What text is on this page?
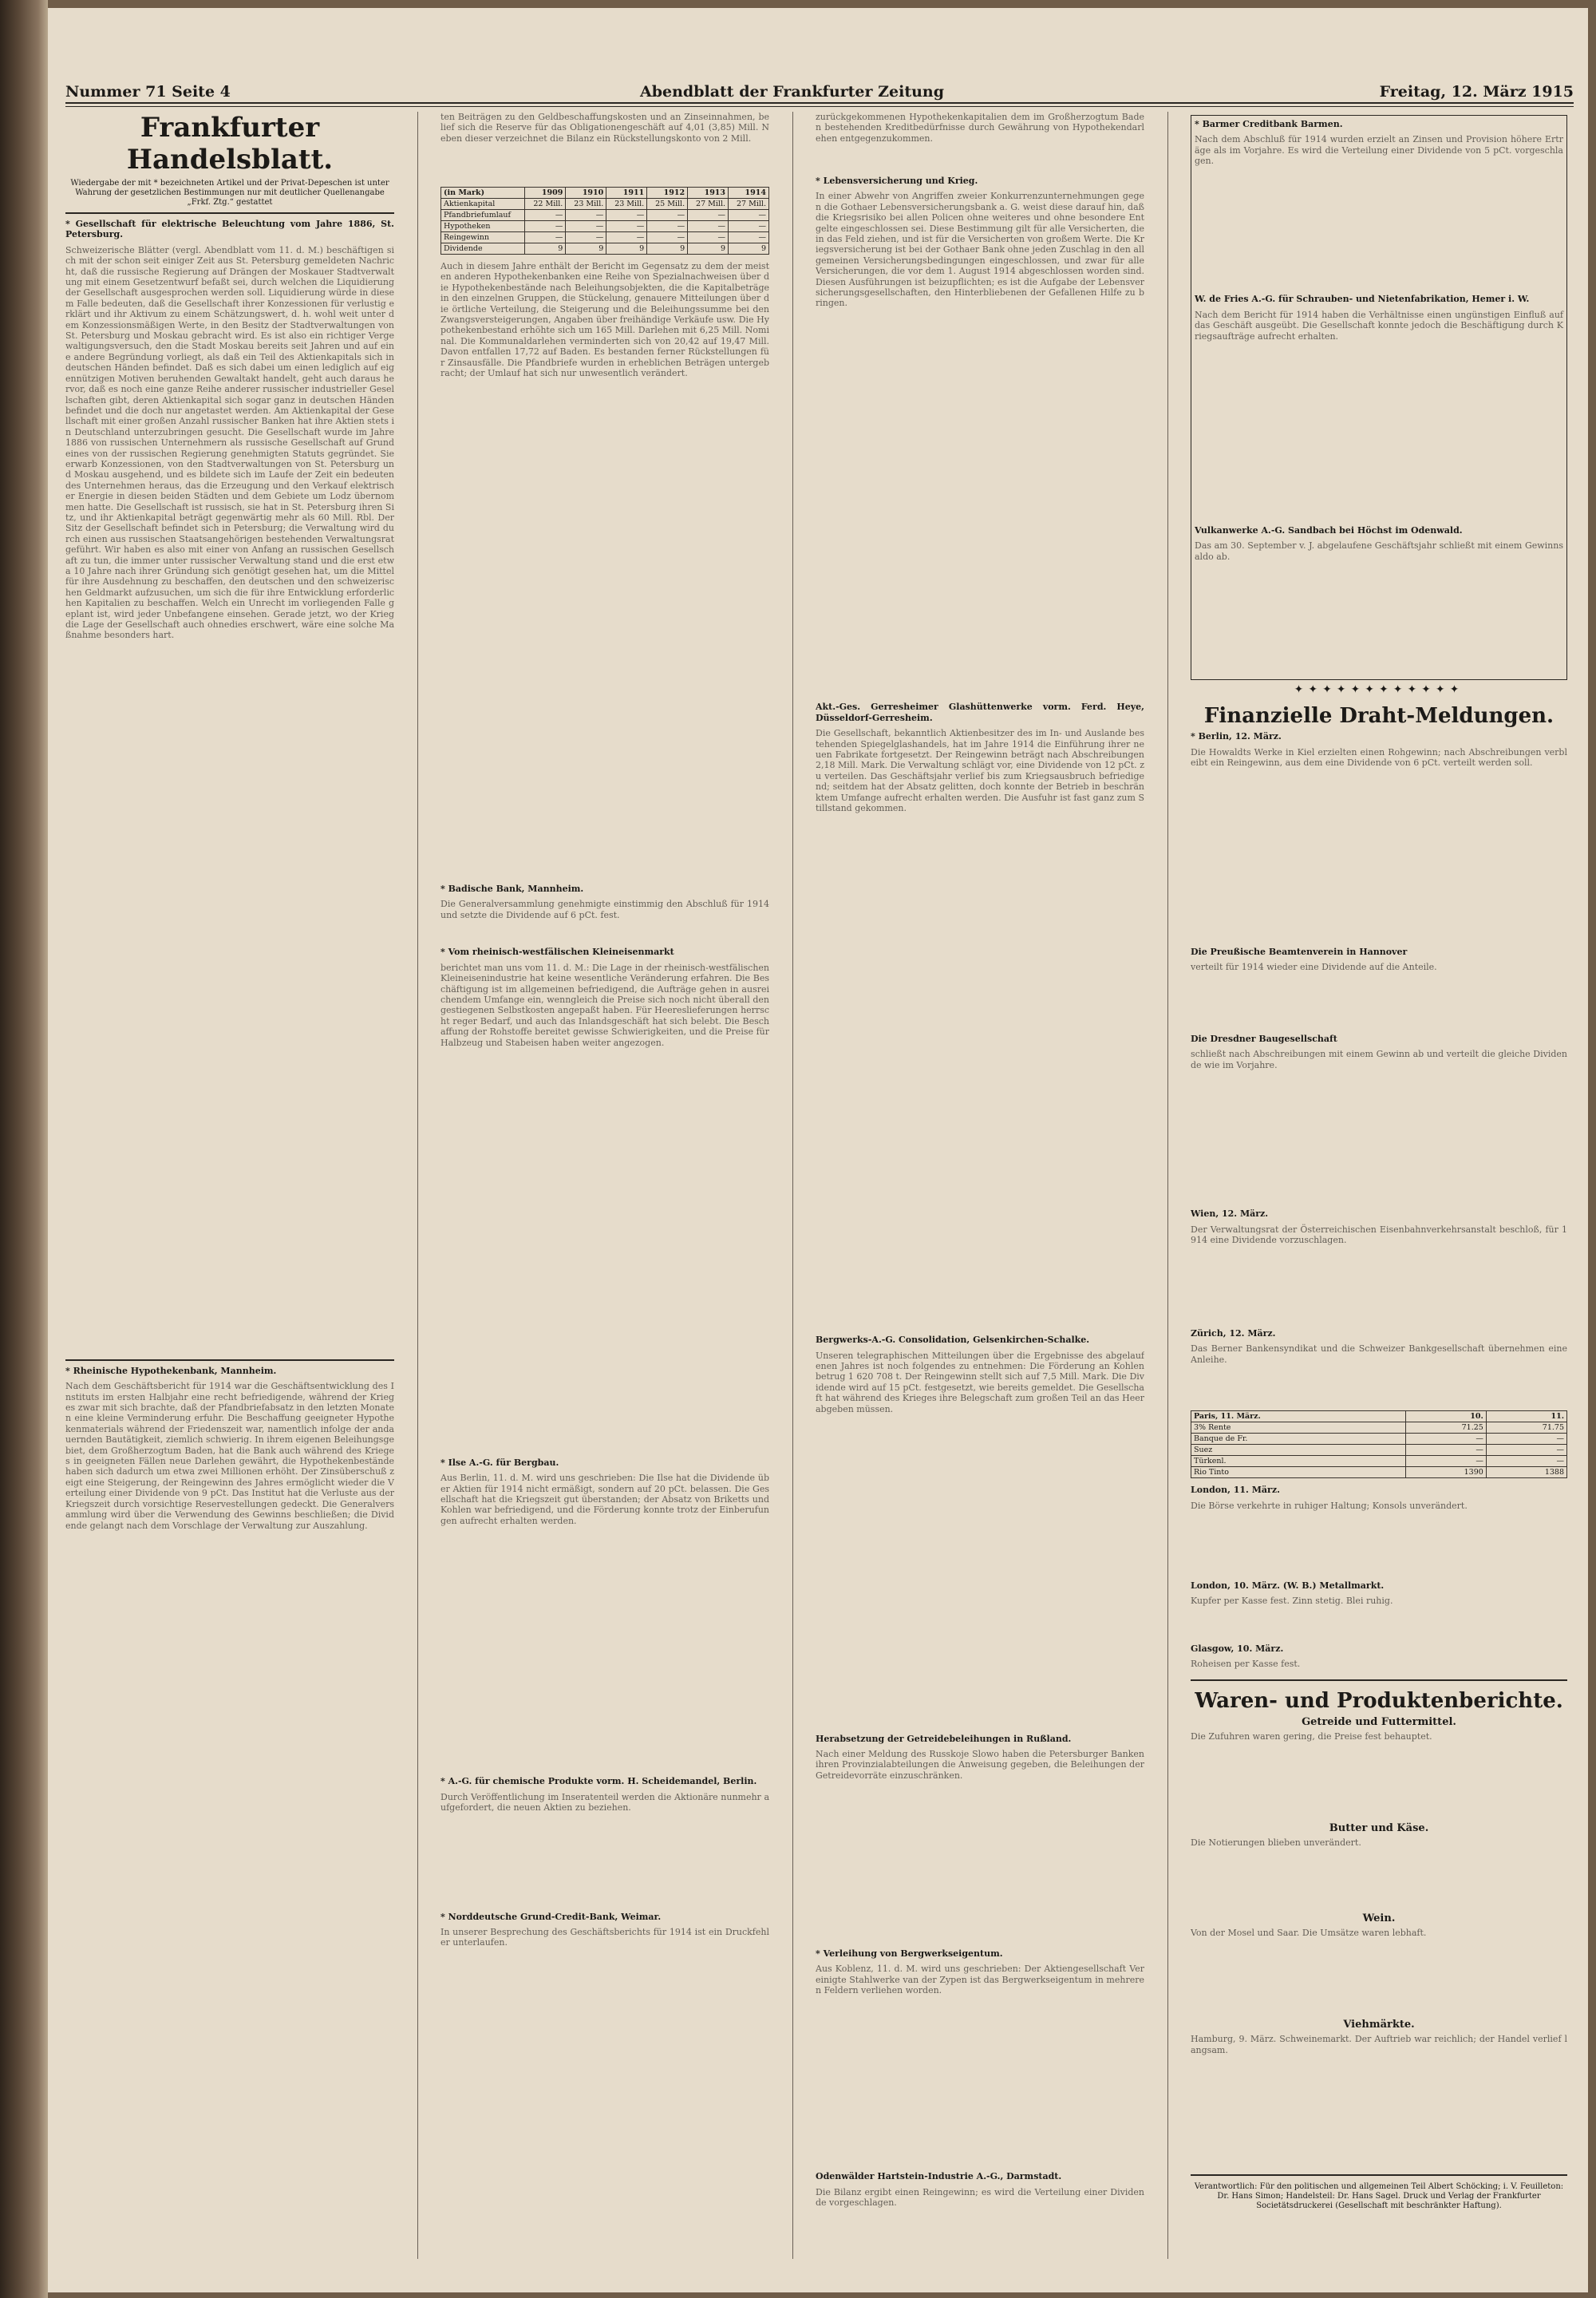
Nummer 71 Seite 4	Abendblatt der Frankfurter Zeitung	Freitag, 12. März 1915
Frankfurter Handelsblatt.
Wiedergabe der mit * bezeichneten Artikel und der Privat-Depeschen ist unter Wahrung der gesetzlichen Bestimmungen nur mit deutlicher Quellenangabe „Frkf. Ztg.“ gestattet

* Gesellschaft für elektrische Beleuchtung vom Jahre 1886, St. Petersburg.

Schweizerische Blätter (vergl. Abendblatt vom 11. d. M.) beschäftigen sich mit der schon seit einiger Zeit aus St. Petersburg gemeldeten Nachricht, daß die russische Regierung auf Drängen der Moskauer Stadtverwaltung mit einem Gesetzentwurf befaßt sei, durch welchen die Liquidierung der Gesellschaft ausgesprochen werden soll. Liquidierung würde in diesem Falle bedeuten, daß die Gesellschaft ihrer Konzessionen für verlustig erklärt und ihr Aktivum zu einem Schätzungswert, d. h. wohl weit unter dem Konzessionsmäßigen Werte, in den Besitz der Stadtverwaltungen von St. Petersburg und Moskau gebracht wird. Es ist also ein richtiger Vergewaltigungsversuch, den die Stadt Moskau bereits seit Jahren und auf eine andere Begründung vorliegt, als daß ein Teil des Aktienkapitals sich in deutschen Händen befindet. Daß es sich dabei um einen lediglich auf eigennützigen Motiven beruhenden Gewaltakt handelt, geht auch daraus hervor, daß es noch eine ganze Reihe anderer russischer industrieller Gesellschaften gibt, deren Aktienkapital sich sogar ganz in deutschen Händen befindet und die doch nur angetastet werden. Am Aktienkapital der Gesellschaft mit einer großen Anzahl russischer Banken hat ihre Aktien stets in Deutschland unterzubringen gesucht. Die Gesellschaft wurde im Jahre 1886 von russischen Unternehmern als russische Gesellschaft auf Grund eines von der russischen Regierung genehmigten Statuts gegründet. Sie erwarb Konzessionen, von den Stadtverwaltungen von St. Petersburg und Moskau ausgehend, und es bildete sich im Laufe der Zeit ein bedeutendes Unternehmen heraus, das die Erzeugung und den Verkauf elektrischer Energie in diesen beiden Städten und dem Gebiete um Lodz übernommen hatte. Die Gesellschaft ist russisch, sie hat in St. Petersburg ihren Sitz, und ihr Aktienkapital beträgt gegenwärtig mehr als 60 Mill. Rbl. Der Sitz der Gesellschaft befindet sich in Petersburg; die Verwaltung wird durch einen aus russischen Staatsangehörigen bestehenden Verwaltungsrat geführt. Wir haben es also mit einer von Anfang an russischen Gesellschaft zu tun, die immer unter russischer Verwaltung stand und die erst etwa 10 Jahre nach ihrer Gründung sich genötigt gesehen hat, um die Mittel für ihre Ausdehnung zu beschaffen, den deutschen und den schweizerischen Geldmarkt aufzusuchen, um sich die für ihre Entwicklung erforderlichen Kapitalien zu beschaffen. Welch ein Unrecht im vorliegenden Falle geplant ist, wird jeder Unbefangene einsehen. Gerade jetzt, wo der Krieg die Lage der Gesellschaft auch ohnedies erschwert, wäre eine solche Maßnahme besonders hart.

* Rheinische Hypothekenbank, Mannheim.

Nach dem Geschäftsbericht für 1914 war die Geschäftsentwicklung des Instituts im ersten Halbjahr eine recht befriedigende, während der Krieg es zwar mit sich brachte, daß der Pfandbriefabsatz in den letzten Monaten eine kleine Verminderung erfuhr. Die Beschaffung geeigneter Hypothekenmaterials während der Friedenszeit war, namentlich infolge der andauernden Bautätigkeit, ziemlich schwierig. In ihrem eigenen Beleihungsgebiet, dem Großherzogtum Baden, hat die Bank auch während des Krieges in geeigneten Fällen neue Darlehen gewährt, die Hypothekenbestände haben sich dadurch um etwa zwei Millionen erhöht. Der Zinsüberschuß zeigt eine Steigerung, der Reingewinn des Jahres ermöglicht wieder die Verteilung einer Dividende von 9 pCt. Das Institut hat die Verluste aus der Kriegszeit durch vorsichtige Reservestellungen gedeckt. Die Generalversammlung wird über die Verwendung des Gewinns beschließen; die Dividende gelangt nach dem Vorschlage der Verwaltung zur Auszahlung.
ten Beiträgen zu den Geldbeschaffungskosten und an Zinseinnahmen, belief sich die Reserve für das Obligationengeschäft auf 4,01 (3,85) Mill. Neben dieser verzeichnet die Bilanz ein Rückstellungskonto von 2 Mill.
(in Mark)	1909	1910	1911	1912	1913	1914
Aktienkapital	22 Mill.	23 Mill.	23 Mill.	25 Mill.	27 Mill.	27 Mill.
Pfandbriefumlauf	—	—	—	—	—	—
Hypotheken	—	—	—	—	—	—
Reingewinn	—	—	—	—	—	—
Dividende	9	9	9	9	9	9
Auch in diesem Jahre enthält der Bericht im Gegensatz zu dem der meisten anderen Hypothekenbanken eine Reihe von Spezialnachweisen über die Hypothekenbestände nach Beleihungsobjekten, die die Kapitalbeträge in den einzelnen Gruppen, die Stückelung, genauere Mitteilungen über die örtliche Verteilung, die Steigerung und die Beleihungssumme bei den Zwangsversteigerungen, Angaben über freihändige Verkäufe usw. Die Hypothekenbestand erhöhte sich um 165 Mill. Darlehen mit 6,25 Mill. Nominal. Die Kommunaldarlehen verminderten sich von 20,42 auf 19,47 Mill. Davon entfallen 17,72 auf Baden. Es bestanden ferner Rückstellungen für Zinsausfälle. Die Pfandbriefe wurden in erheblichen Beträgen untergebracht; der Umlauf hat sich nur unwesentlich verändert.

* Badische Bank, Mannheim.

Die Generalversammlung genehmigte einstimmig den Abschluß für 1914 und setzte die Dividende auf 6 pCt. fest.

* Vom rheinisch-westfälischen Kleineisenmarkt

berichtet man uns vom 11. d. M.: Die Lage in der rheinisch-westfälischen Kleineisenindustrie hat keine wesentliche Veränderung erfahren. Die Beschäftigung ist im allgemeinen befriedigend, die Aufträge gehen in ausreichendem Umfange ein, wenngleich die Preise sich noch nicht überall den gestiegenen Selbstkosten angepaßt haben. Für Heereslieferungen herrscht reger Bedarf, und auch das Inlandsgeschäft hat sich belebt. Die Beschaffung der Rohstoffe bereitet gewisse Schwierigkeiten, und die Preise für Halbzeug und Stabeisen haben weiter angezogen.

* Ilse A.-G. für Bergbau.

Aus Berlin, 11. d. M. wird uns geschrieben: Die Ilse hat die Dividende über Aktien für 1914 nicht ermäßigt, sondern auf 20 pCt. belassen. Die Gesellschaft hat die Kriegszeit gut überstanden; der Absatz von Briketts und Kohlen war befriedigend, und die Förderung konnte trotz der Einberufungen aufrecht erhalten werden.

* A.-G. für chemische Produkte vorm. H. Scheidemandel, Berlin.

Durch Veröffentlichung im Inseratenteil werden die Aktionäre nunmehr aufgefordert, die neuen Aktien zu beziehen.

* Norddeutsche Grund-Credit-Bank, Weimar.

In unserer Besprechung des Geschäftsberichts für 1914 ist ein Druckfehler unterlaufen.
zurückgekommenen Hypothekenkapitalien dem im Großherzogtum Baden bestehenden Kreditbedürfnisse durch Gewährung von Hypothekendarlehen entgegenzukommen.

* Lebensversicherung und Krieg.

In einer Abwehr von Angriffen zweier Konkurrenzunternehmungen gegen die Gothaer Lebensversicherungsbank a. G. weist diese darauf hin, daß die Kriegsrisiko bei allen Policen ohne weiteres und ohne besondere Entgelte eingeschlossen sei. Diese Bestimmung gilt für alle Versicherten, die in das Feld ziehen, und ist für die Versicherten von großem Werte. Die Kriegsversicherung ist bei der Gothaer Bank ohne jeden Zuschlag in den allgemeinen Versicherungsbedingungen eingeschlossen, und zwar für alle Versicherungen, die vor dem 1. August 1914 abgeschlossen worden sind. Diesen Ausführungen ist beizupflichten; es ist die Aufgabe der Lebensversicherungsgesellschaften, den Hinterbliebenen der Gefallenen Hilfe zu bringen.

Akt.-Ges. Gerresheimer Glashüttenwerke vorm. Ferd. Heye, Düsseldorf-Gerresheim.

Die Gesellschaft, bekanntlich Aktienbesitzer des im In- und Auslande bestehenden Spiegelglashandels, hat im Jahre 1914 die Einführung ihrer neuen Fabrikate fortgesetzt. Der Reingewinn beträgt nach Abschreibungen 2,18 Mill. Mark. Die Verwaltung schlägt vor, eine Dividende von 12 pCt. zu verteilen. Das Geschäftsjahr verlief bis zum Kriegsausbruch befriedigend; seitdem hat der Absatz gelitten, doch konnte der Betrieb in beschränktem Umfange aufrecht erhalten werden. Die Ausfuhr ist fast ganz zum Stillstand gekommen.

Bergwerks-A.-G. Consolidation, Gelsenkirchen-Schalke.

Unseren telegraphischen Mitteilungen über die Ergebnisse des abgelaufenen Jahres ist noch folgendes zu entnehmen: Die Förderung an Kohlen betrug 1 620 708 t. Der Reingewinn stellt sich auf 7,5 Mill. Mark. Die Dividende wird auf 15 pCt. festgesetzt, wie bereits gemeldet. Die Gesellschaft hat während des Krieges ihre Belegschaft zum großen Teil an das Heer abgeben müssen.

Herabsetzung der Getreidebeleihungen in Rußland.

Nach einer Meldung des Russkoje Slowo haben die Petersburger Banken ihren Provinzialabteilungen die Anweisung gegeben, die Beleihungen der Getreidevorräte einzuschränken.

* Verleihung von Bergwerkseigentum.

Aus Koblenz, 11. d. M. wird uns geschrieben: Der Aktiengesellschaft Vereinigte Stahlwerke van der Zypen ist das Bergwerkseigentum in mehreren Feldern verliehen worden.

Odenwälder Hartstein-Industrie A.-G., Darmstadt.

Die Bilanz ergibt einen Reingewinn; es wird die Verteilung einer Dividende vorgeschlagen.

* Barmer Creditbank Barmen.

Nach dem Abschluß für 1914 wurden erzielt an Zinsen und Provision höhere Erträge als im Vorjahre. Es wird die Verteilung einer Dividende von 5 pCt. vorgeschlagen.

W. de Fries A.-G. für Schrauben- und Nietenfabrikation, Hemer i. W.

Nach dem Bericht für 1914 haben die Verhältnisse einen ungünstigen Einfluß auf das Geschäft ausgeübt. Die Gesellschaft konnte jedoch die Beschäftigung durch Kriegsaufträge aufrecht erhalten.

Vulkanwerke A.-G. Sandbach bei Höchst im Odenwald.

Das am 30. September v. J. abgelaufene Geschäftsjahr schließt mit einem Gewinnsaldo ab.
✦✦✦✦✦✦✦✦✦✦✦✦
Finanzielle Draht-Meldungen.

* Berlin, 12. März.

Die Howaldts Werke in Kiel erzielten einen Rohgewinn; nach Abschreibungen verbleibt ein Reingewinn, aus dem eine Dividende von 6 pCt. verteilt werden soll.

Die Preußische Beamtenverein in Hannover

verteilt für 1914 wieder eine Dividende auf die Anteile.

Die Dresdner Baugesellschaft

schließt nach Abschreibungen mit einem Gewinn ab und verteilt die gleiche Dividende wie im Vorjahre.

Wien, 12. März.

Der Verwaltungsrat der Österreichischen Eisenbahnverkehrsanstalt beschloß, für 1914 eine Dividende vorzuschlagen.

Zürich, 12. März.

Das Berner Bankensyndikat und die Schweizer Bankgesellschaft übernehmen eine Anleihe.
Paris, 11. März.	10.	11.
3% Rente	71.25	71.75
Banque de Fr.	—	—
Suez	—	—
Türkenl.	—	—
Rio Tinto	1390	1388

London, 11. März.

Die Börse verkehrte in ruhiger Haltung; Konsols unverändert.

London, 10. März. (W. B.) Metallmarkt.

Kupfer per Kasse fest. Zinn stetig. Blei ruhig.

Glasgow, 10. März.

Roheisen per Kasse fest.
Waren- und Produktenberichte.
Getreide und Futtermittel.
Die Zufuhren waren gering, die Preise fest behauptet.
Butter und Käse.
Die Notierungen blieben unverändert.
Wein.
Von der Mosel und Saar. Die Umsätze waren lebhaft.
Viehmärkte.
Hamburg, 9. März. Schweinemarkt. Der Auftrieb war reichlich; der Handel verlief langsam.
Verantwortlich: Für den politischen und allgemeinen Teil Albert Schöcking; i. V. Feuilleton: Dr. Hans Simon; Handelsteil: Dr. Hans Sagel. Druck und Verlag der Frankfurter Societätsdruckerei (Gesellschaft mit beschränkter Haftung).
